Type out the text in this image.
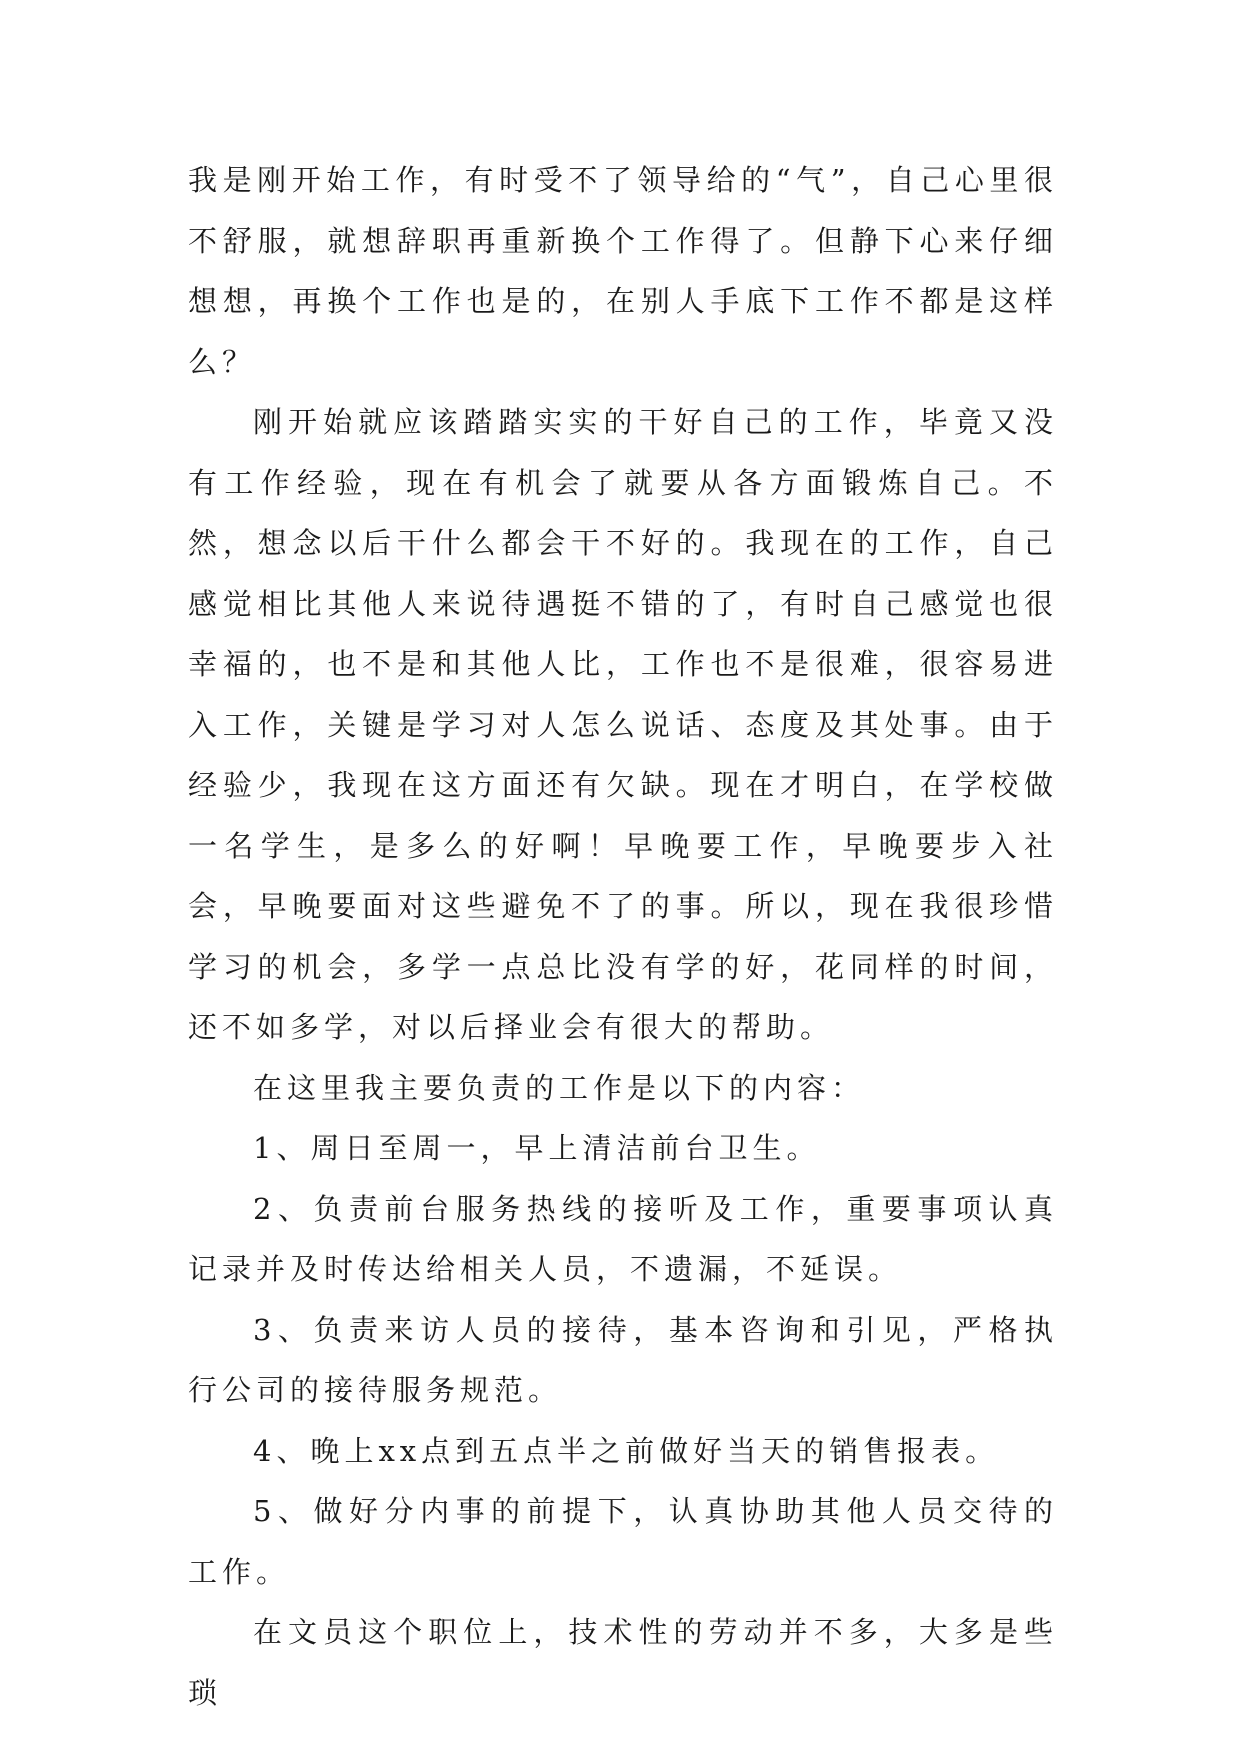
我是刚开始工作，有时受不了领导给的“气”，自己心里很不舒服，就想辞职再重新换个工作得了。但静下心来仔细想想，再换个工作也是的，在别人手底下工作不都是这样么？

刚开始就应该踏踏实实的干好自己的工作，毕竟又没有工作经验，现在有机会了就要从各方面锻炼自己。不然，想念以后干什么都会干不好的。我现在的工作，自己感觉相比其他人来说待遇挺不错的了，有时自己感觉也很幸福的，也不是和其他人比，工作也不是很难，很容易进入工作，关键是学习对人怎么说话、态度及其处事。由于经验少，我现在这方面还有欠缺。现在才明白，在学校做一名学生，是多么的好啊！早晚要工作，早晚要步入社会，早晚要面对这些避免不了的事。所以，现在我很珍惜学习的机会，多学一点总比没有学的好，花同样的时间，还不如多学，对以后择业会有很大的帮助。

在这里我主要负责的工作是以下的内容：

1、周日至周一，早上清洁前台卫生。

2、负责前台服务热线的接听及工作，重要事项认真记录并及时传达给相关人员，不遗漏，不延误。

3、负责来访人员的接待，基本咨询和引见，严格执行公司的接待服务规范。

4、晚上xx点到五点半之前做好当天的销售报表。

5、做好分内事的前提下，认真协助其他人员交待的工作。

在文员这个职位上，技术性的劳动并不多，大多是些琐
